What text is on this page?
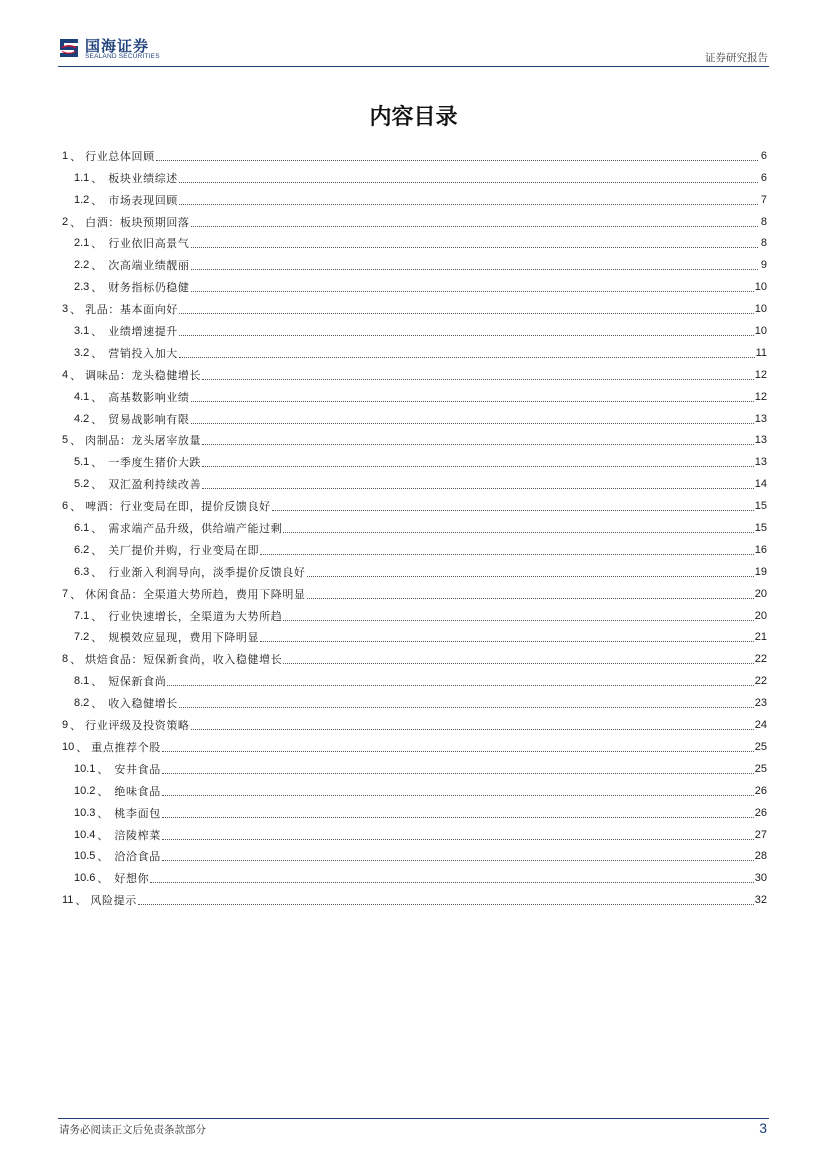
国海证券
SEALAND SECURITIES	证券研究报告
内容目录
1 、 行业总体回顾	6
1.1 、 板块业绩综述	6
1.2 、 市场表现回顾	7
2 、 白酒：板块预期回落	8
2.1 、 行业依旧高景气	8
2.2 、 次高端业绩靓丽	9
2.3 、 财务指标仍稳健	10
3 、 乳品：基本面向好	10
3.1 、 业绩增速提升	10
3.2 、 营销投入加大	11
4 、 调味品：龙头稳健增长	12
4.1 、 高基数影响业绩	12
4.2 、 贸易战影响有限	13
5 、 肉制品：龙头屠宰放量	13
5.1 、 一季度生猪价大跌	13
5.2 、 双汇盈利持续改善	14
6 、 啤酒：行业变局在即，提价反馈良好	15
6.1 、 需求端产品升级，供给端产能过剩	15
6.2 、 关厂提价并购，行业变局在即	16
6.3 、 行业渐入利润导向，淡季提价反馈良好	19
7 、 休闲食品：全渠道大势所趋，费用下降明显	20
7.1 、 行业快速增长，全渠道为大势所趋	20
7.2 、 规模效应显现，费用下降明显	21
8 、 烘焙食品：短保新食尚，收入稳健增长	22
8.1 、 短保新食尚	22
8.2 、 收入稳健增长	23
9 、 行业评级及投资策略	24
10 、 重点推荐个股	25
10.1 、 安井食品	25
10.2 、 绝味食品	26
10.3 、 桃李面包	26
10.4 、 涪陵榨菜	27
10.5 、 洽洽食品	28
10.6 、 好想你	30
11 、 风险提示	32
请务必阅读正文后免责条款部分	3
